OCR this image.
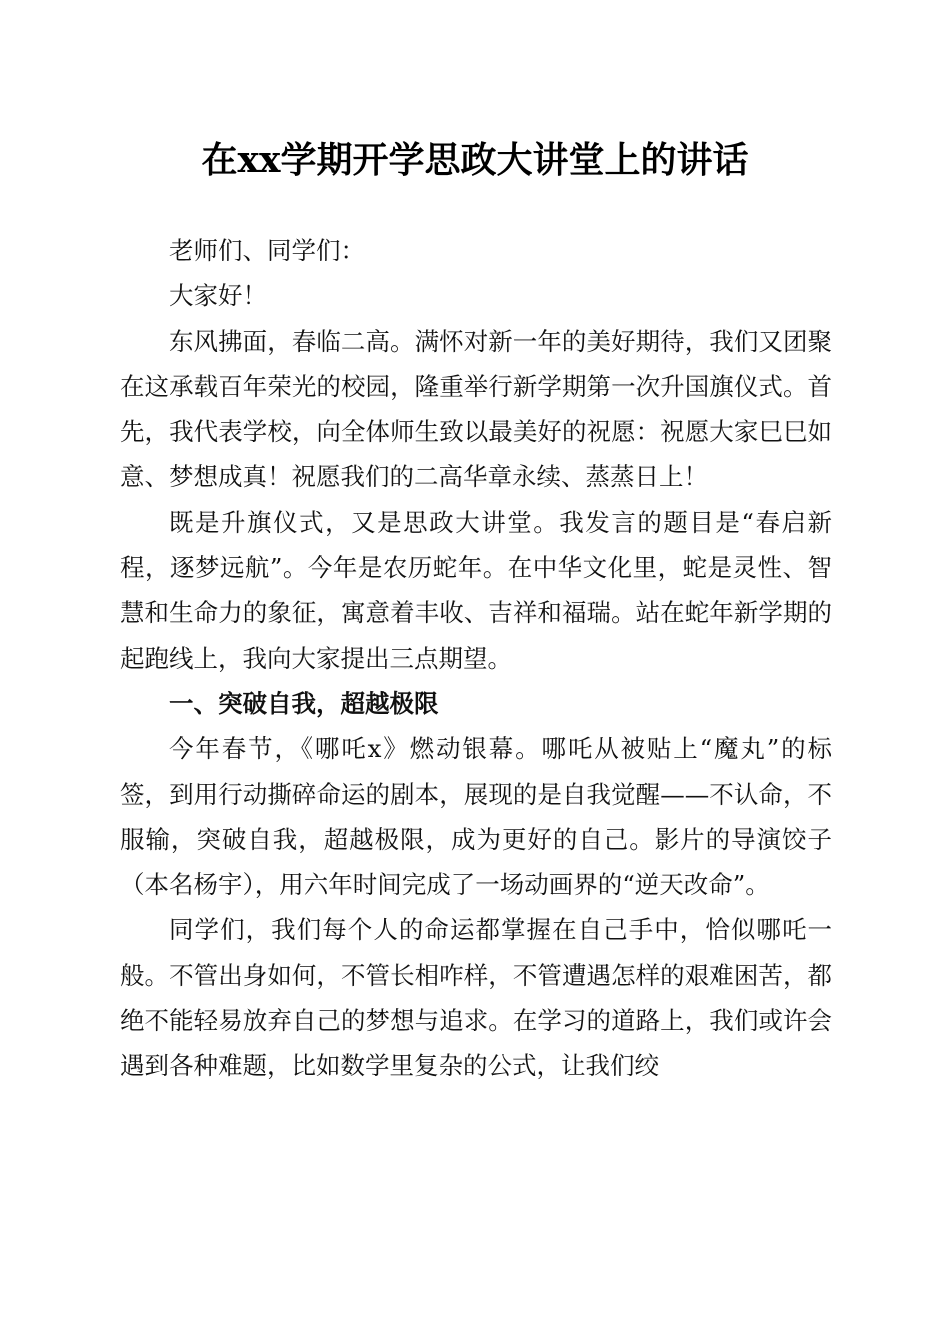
在xx学期开学思政大讲堂上的讲话

老师们、同学们：

大家好！

东风拂面，春临二高。满怀对新一年的美好期待，我们又团聚在这承载百年荣光的校园，隆重举行新学期第一次升国旗仪式。首先，我代表学校，向全体师生致以最美好的祝愿：祝愿大家巳巳如意、梦想成真！祝愿我们的二高华章永续、蒸蒸日上！

既是升旗仪式，又是思政大讲堂。我发言的题目是“春启新程，逐梦远航”。今年是农历蛇年。在中华文化里，蛇是灵性、智慧和生命力的象征，寓意着丰收、吉祥和福瑞。站在蛇年新学期的起跑线上，我向大家提出三点期望。

一、突破自我，超越极限

今年春节，《哪吒x》燃动银幕。哪吒从被贴上“魔丸”的标签，到用行动撕碎命运的剧本，展现的是自我觉醒——不认命，不服输，突破自我，超越极限，成为更好的自己。影片的导演饺子（本名杨宇），用六年时间完成了一场动画界的“逆天改命”。

同学们，我们每个人的命运都掌握在自己手中，恰似哪吒一般。不管出身如何，不管长相咋样，不管遭遇怎样的艰难困苦，都绝不能轻易放弃自己的梦想与追求。在学习的道路上，我们或许会遇到各种难题，比如数学里复杂的公式，让我们绞
